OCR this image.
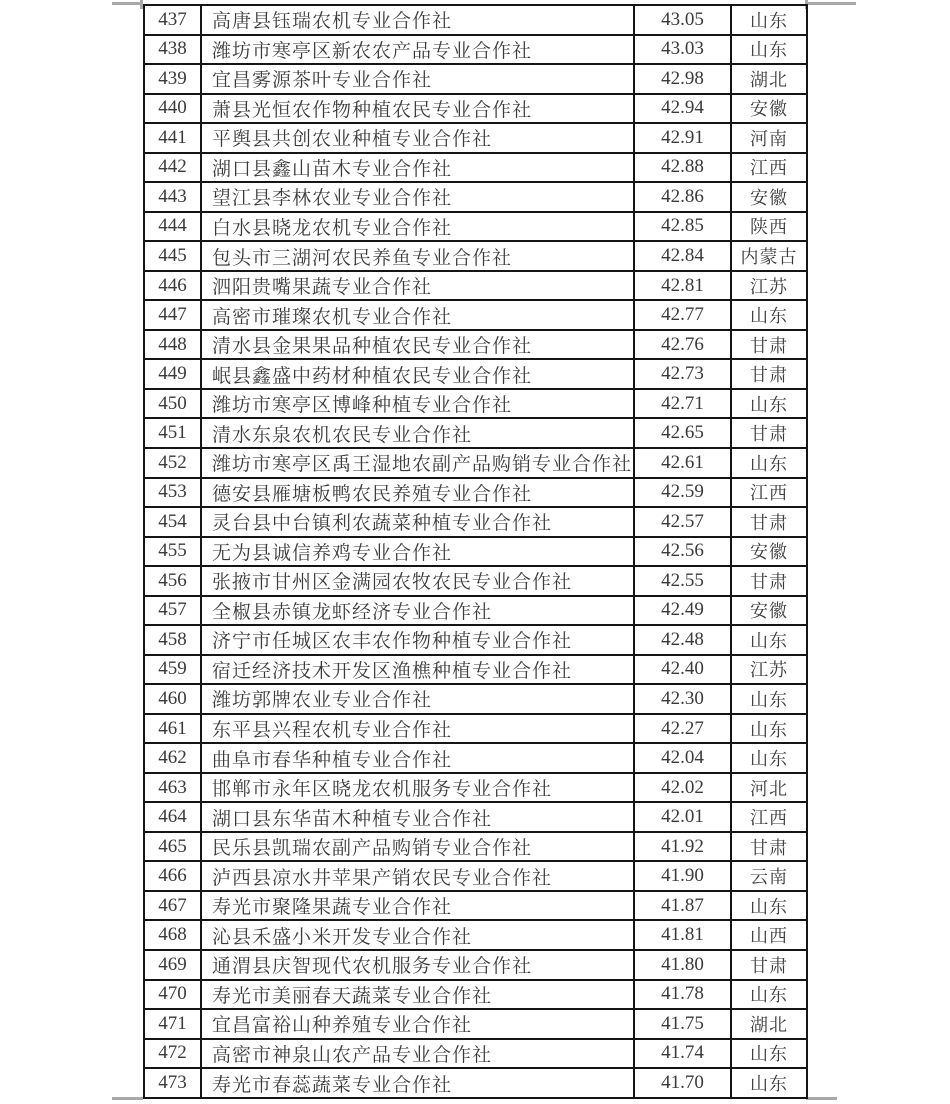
437	高唐县钰瑞农机专业合作社	43.05	山东
438	潍坊市寒亭区新农农产品专业合作社	43.03	山东
439	宜昌雾源茶叶专业合作社	42.98	湖北
440	萧县光恒农作物种植农民专业合作社	42.94	安徽
441	平舆县共创农业种植专业合作社	42.91	河南
442	湖口县鑫山苗木专业合作社	42.88	江西
443	望江县李林农业专业合作社	42.86	安徽
444	白水县晓龙农机专业合作社	42.85	陕西
445	包头市三湖河农民养鱼专业合作社	42.84	内蒙古
446	泗阳贵嘴果蔬专业合作社	42.81	江苏
447	高密市璀璨农机专业合作社	42.77	山东
448	清水县金果果品种植农民专业合作社	42.76	甘肃
449	岷县鑫盛中药材种植农民专业合作社	42.73	甘肃
450	潍坊市寒亭区博峰种植专业合作社	42.71	山东
451	清水东泉农机农民专业合作社	42.65	甘肃
452	潍坊市寒亭区禹王湿地农副产品购销专业合作社	42.61	山东
453	德安县雁塘板鸭农民养殖专业合作社	42.59	江西
454	灵台县中台镇利农蔬菜种植专业合作社	42.57	甘肃
455	无为县诚信养鸡专业合作社	42.56	安徽
456	张掖市甘州区金满园农牧农民专业合作社	42.55	甘肃
457	全椒县赤镇龙虾经济专业合作社	42.49	安徽
458	济宁市任城区农丰农作物种植专业合作社	42.48	山东
459	宿迁经济技术开发区渔樵种植专业合作社	42.40	江苏
460	潍坊郭牌农业专业合作社	42.30	山东
461	东平县兴程农机专业合作社	42.27	山东
462	曲阜市春华种植专业合作社	42.04	山东
463	邯郸市永年区晓龙农机服务专业合作社	42.02	河北
464	湖口县东华苗木种植专业合作社	42.01	江西
465	民乐县凯瑞农副产品购销专业合作社	41.92	甘肃
466	泸西县凉水井苹果产销农民专业合作社	41.90	云南
467	寿光市聚隆果蔬专业合作社	41.87	山东
468	沁县禾盛小米开发专业合作社	41.81	山西
469	通渭县庆智现代农机服务专业合作社	41.80	甘肃
470	寿光市美丽春天蔬菜专业合作社	41.78	山东
471	宜昌富裕山种养殖专业合作社	41.75	湖北
472	高密市神泉山农产品专业合作社	41.74	山东
473	寿光市春蕊蔬菜专业合作社	41.70	山东
